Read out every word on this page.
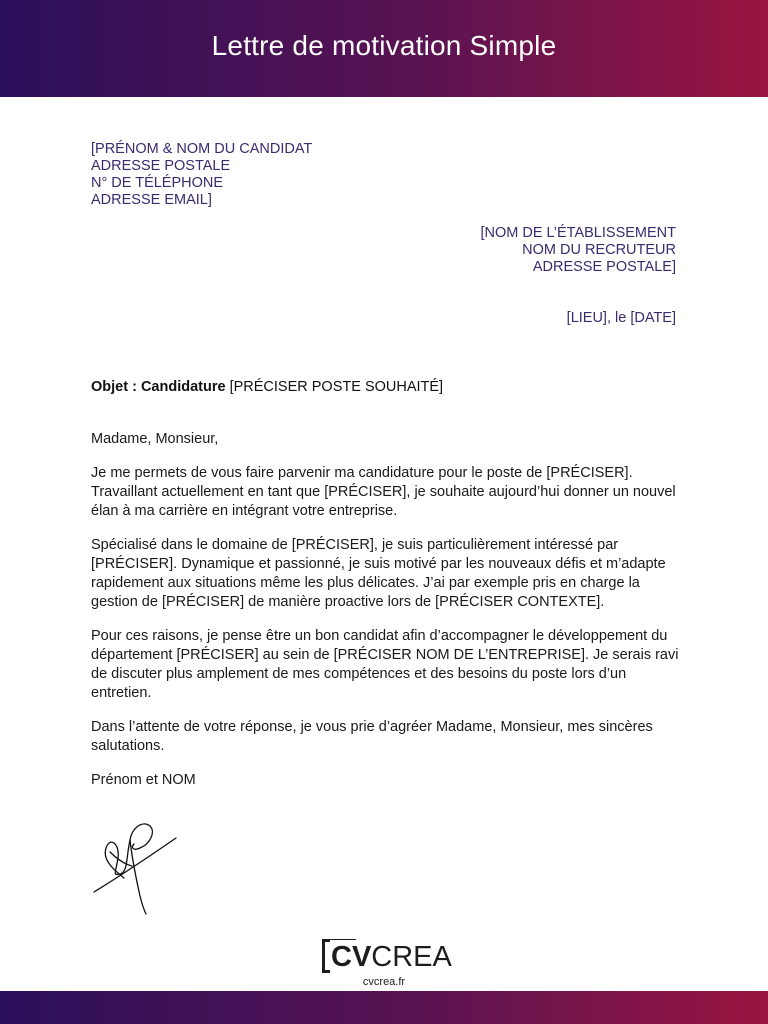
Lettre de motivation Simple
[PRÉNOM & NOM DU CANDIDAT
ADRESSE POSTALE
N° DE TÉLÉPHONE
ADRESSE EMAIL]
[NOM DE L’ÉTABLISSEMENT
NOM DU RECRUTEUR
ADRESSE POSTALE]
[LIEU], le [DATE]
Objet : Candidature [PRÉCISER POSTE SOUHAITÉ]

Madame, Monsieur,

Je me permets de vous faire parvenir ma candidature pour le poste de [PRÉCISER]. Travaillant actuellement en tant que [PRÉCISER], je souhaite aujourd’hui donner un nouvel élan à ma carrière en intégrant votre entreprise.

Spécialisé dans le domaine de [PRÉCISER], je suis particulièrement intéressé par [PRÉCISER]. Dynamique et passionné, je suis motivé par les nouveaux défis et m’adapte rapidement aux situations même les plus délicates. J’ai par exemple pris en charge la gestion de [PRÉCISER] de manière proactive lors de [PRÉCISER CONTEXTE].

Pour ces raisons, je pense être un bon candidat afin d’accompagner le développement du département [PRÉCISER] au sein de [PRÉCISER NOM DE L’ENTREPRISE]. Je serais ravi de discuter plus amplement de mes compétences et des besoins du poste lors d’un entretien.

Dans l’attente de votre réponse, je vous prie d’agréer Madame, Monsieur, mes sincères salutations.

Prénom et NOM

CVCREA
cvcrea.fr
